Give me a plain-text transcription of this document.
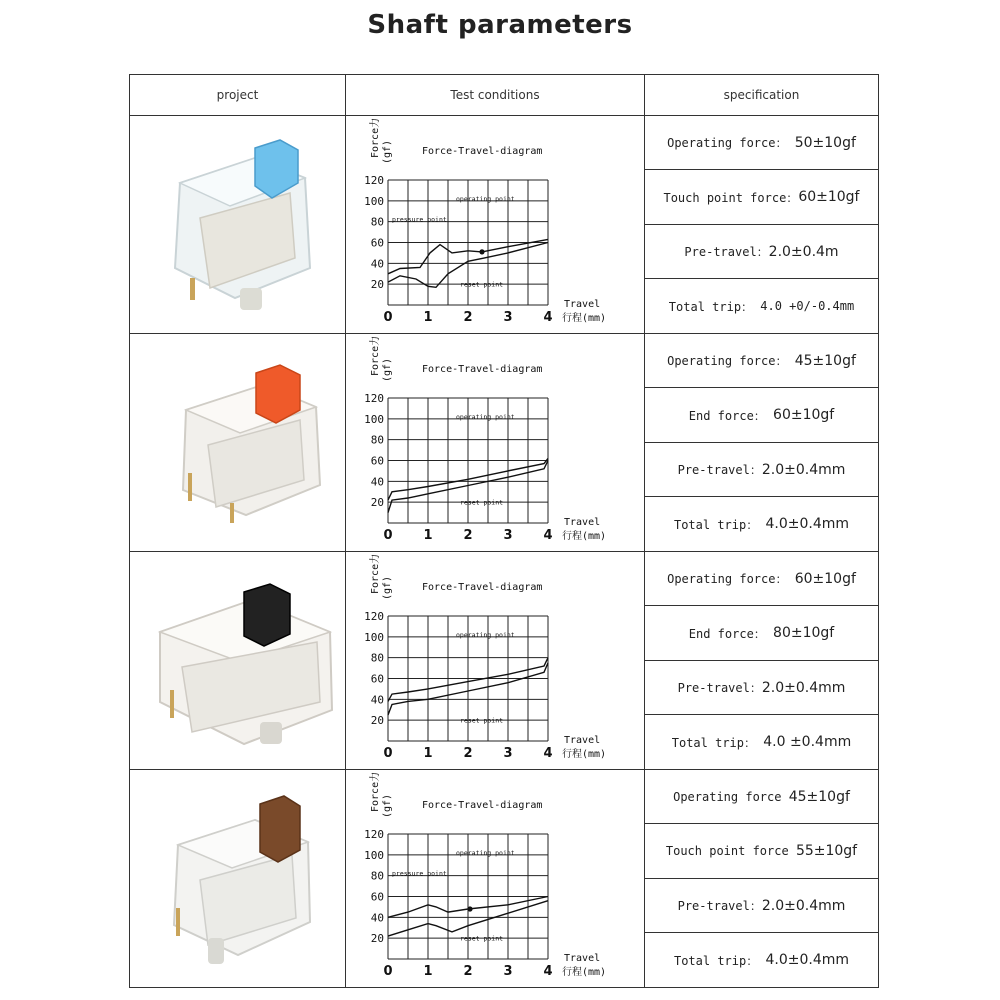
Shaft parameters
project	Test conditions	specification
Force-Travel-diagram
Force力 (gf)
Travel
行程(mm)
120
100
80
60
40
20
0 1 2 3 4
operating point
pressure point
reset point
Force-Travel-diagram
Force力 (gf)
Travel
行程(mm)
120
100
80
60
40
20
0 1 2 3 4
operating point
reset point
Force-Travel-diagram
Force力 (gf)
Travel
行程(mm)
120
100
80
60
40
20
0 1 2 3 4
operating point
reset point
Force-Travel-diagram
Force力 (gf)
Travel
行程(mm)
120
100
80
60
40
20
0 1 2 3 4
operating point
pressure point
reset point
Operating force：
50±10gf
Touch point force： 60±10gf
Pre-travel： 2.0±0.4m
Total trip：
4.0 +0/-0.4mm
Operating force：
45±10gf
End force：
60±10gf
Pre-travel： 2.0±0.4mm
Total trip：
4.0±0.4mm
Operating force：
60±10gf
End force：
80±10gf
Pre-travel： 2.0±0.4mm
Total trip：
4.0 ±0.4mm
Operating force
45±10gf
Touch point force
55±10gf
Pre-travel： 2.0±0.4mm
Total trip：
4.0±0.4mm
